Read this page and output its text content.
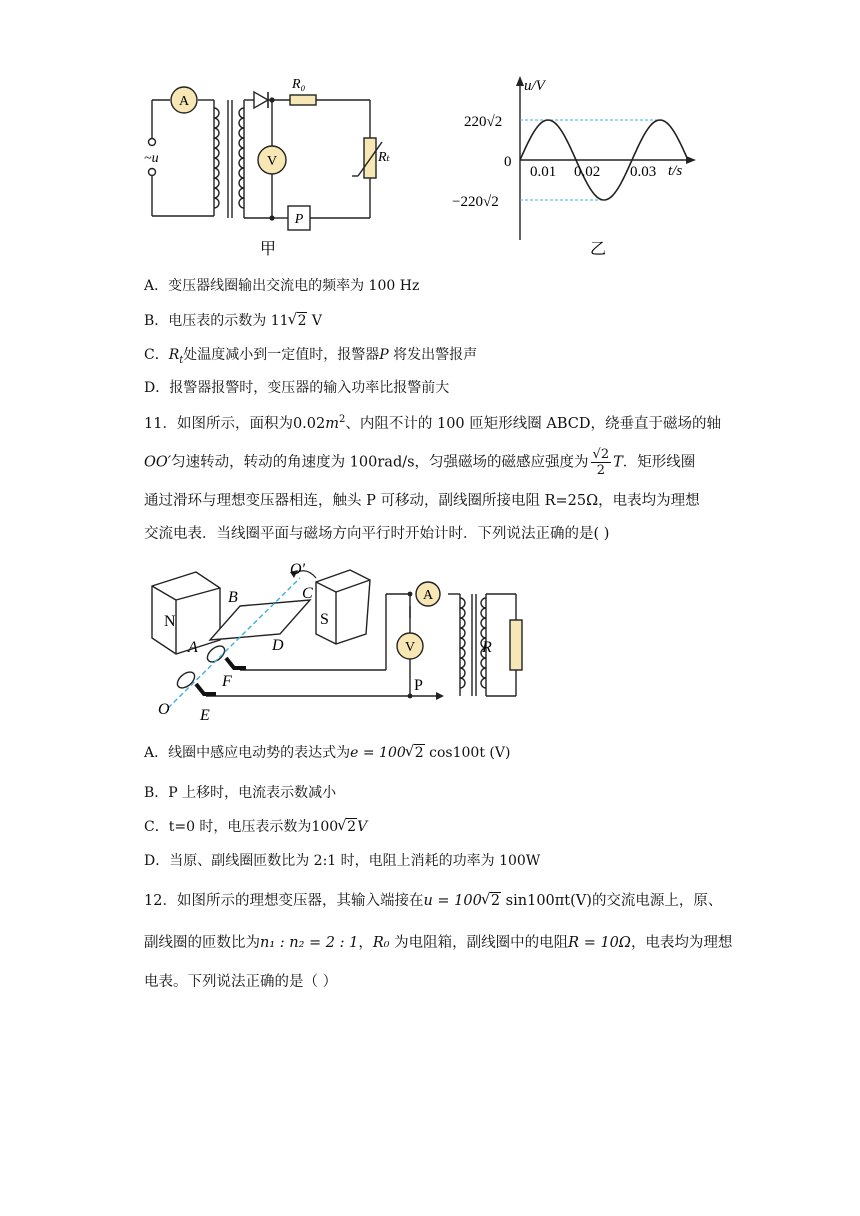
A
V
P
~u
R₀
Rₜ
甲
u/V
t/s
220√2
−220√2
0
0.01 0.02 0.03
乙
A．变压器线圈输出交流电的频率为 100 Hz
B．电压表的示数为 11 √ 2 V
C．$R_t$处温度减小到一定值时，报警器P 将发出警报声
D．报警器报警时，变压器的输入功率比报警前大
11．如图所示，面积为$0.02m^2$、内阻不计的 100 匝矩形线圈 ABCD，绕垂直于磁场的轴
OO′匀速转动，转动的角速度为 100rad/s，匀强磁场的磁感应强度为 $\frac{√2}{2}$ T．矩形线圈
通过滑环与理想变压器相连，触头 P 可移动，副线圈所接电阻 R=25Ω，电表均为理想
交流电表．当线圈平面与磁场方向平行时开始计时．下列说法正确的是( )
A
V
N	S
B	C
D
A
F
O E
O′
P
R
A．线圈中感应电动势的表达式为e = 100 √ 2 cos100t (V)
B．P 上移时，电流表示数减小
C．t=0 时，电压表示数为100 √ 2V
D．当原、副线圈匝数比为 2:1 时，电阻上消耗的功率为 100W
12．如图所示的理想变压器，其输入端接在u = 100 √ 2 sin100πt(V)的交流电源上，原、
副线圈的匝数比为n₁ : n₂ = 2 : 1，R₀ 为电阻箱，副线圈中的电阻R = 10Ω，电表均为理想
电表。下列说法正确的是（ ）
